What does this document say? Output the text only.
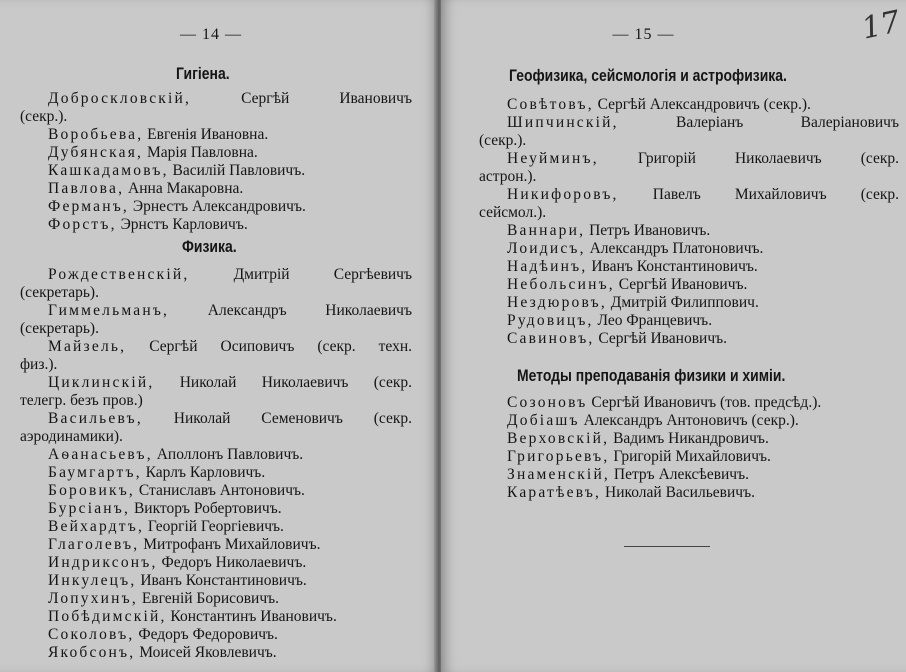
— 14 —
Гигіена.
Доброскловскій, Сергѣй Ивановичъ
(секр.).
Воробьева, Евгенія Ивановна.
Дубянская, Марія Павловна.
Кашкадамовъ, Василій Павловичъ.
Павлова, Анна Макаровна.
Ферманъ, Эрнестъ Александровичъ.
Форстъ, Эрнстъ Карловичъ.
Физика.
Рождественскій, Дмитрій Сергѣевичъ
(секретарь).
Гиммельманъ, Александръ Николаевичъ
(секретарь).
Майзель, Сергѣй Осиповичъ (секр. техн.
физ.).
Циклинскій, Николай Николаевичъ (секр.
телегр. безъ пров.)
Васильевъ, Николай Семеновичъ (секр.
аэродинамики).
Аѳанасьевъ, Аполлонъ Павловичъ.
Баумгартъ, Карлъ Карловичъ.
Боровикъ, Станиславъ Антоновичъ.
Бурсіанъ, Викторъ Робертовичъ.
Вейхардтъ, Георгій Георгіевичъ.
Глаголевъ, Митрофанъ Михайловичъ.
Индриксонъ, Федоръ Николаевичъ.
Инкулецъ, Иванъ Константиновичъ.
Лопухинъ, Евгеній Борисовичъ.
Побѣдимскій, Константинъ Ивановичъ.
Соколовъ, Федоръ Федоровичъ.
Якобсонъ, Моисей Яковлевичъ.
— 15 —	17
Геофизика, сейсмологія и астрофизика.
Совѣтовъ, Сергѣй Александровичъ (секр.).
Шипчинскій, Валеріанъ Валеріановичъ
(секр.).
Неуйминъ, Григорій Николаевичъ (секр.
астрон.).
Никифоровъ, Павелъ Михайловичъ (секр.
сейсмол.).
Ваннари, Петръ Ивановичъ.
Лоидисъ, Александръ Платоновичъ.
Надѣинъ, Иванъ Константиновичъ.
Небольсинъ, Сергѣй Ивановичъ.
Нездюровъ, Дмитрій Филиппович.
Рудовицъ, Лео Францевичъ.
Савиновъ, Сергѣй Ивановичъ.
Методы преподаванія физики и химіи.
Созоновъ Сергѣй Ивановичъ (тов. предсѣд.).
Добіашъ Александръ Антоновичъ (секр.).
Верховскій, Вадимъ Никандровичъ.
Григорьевъ, Григорій Михайловичъ.
Знаменскій, Петръ Алексѣевичъ.
Каратѣевъ, Николай Васильевичъ.
